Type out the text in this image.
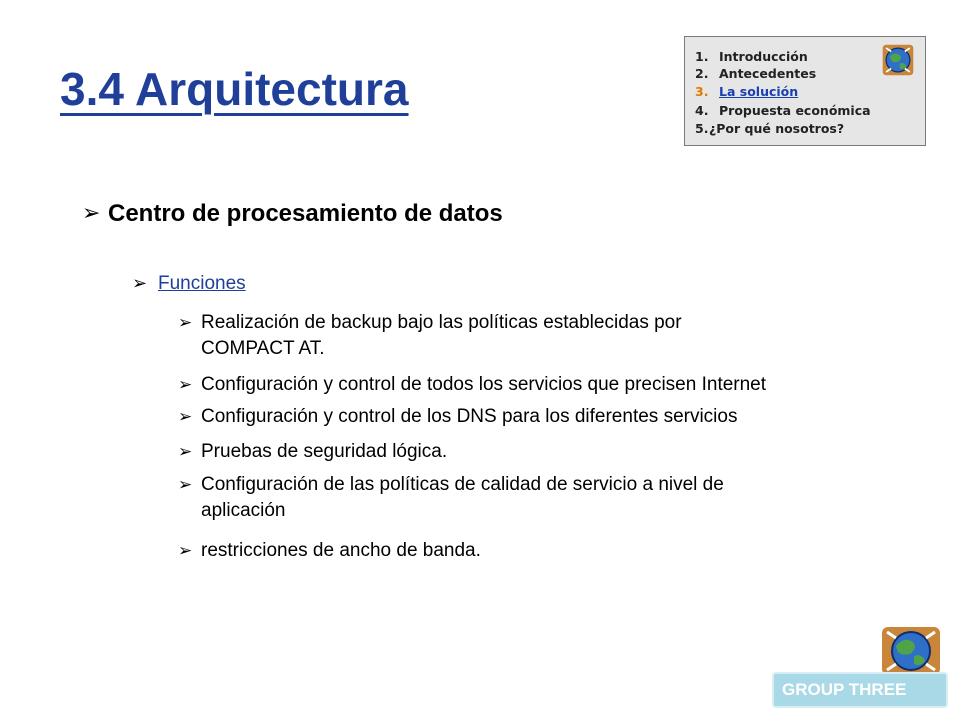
3.4 Arquitectura
1. Introducción
2. Antecedentes
3. La solución
4. Propuesta económica
5.¿Por qué nosotros?
➢ Centro de procesamiento de datos
➢ Funciones
➢ Realización de backup bajo las políticas establecidas por
COMPACT AT.
➢ Configuración y control de todos los servicios que precisen Internet
➢ Configuración y control de los DNS para los diferentes servicios
➢ Pruebas de seguridad lógica.
➢ Configuración de las políticas de calidad de servicio a nivel de
aplicación
➢ restricciones de ancho de banda.
GROUP THREE
